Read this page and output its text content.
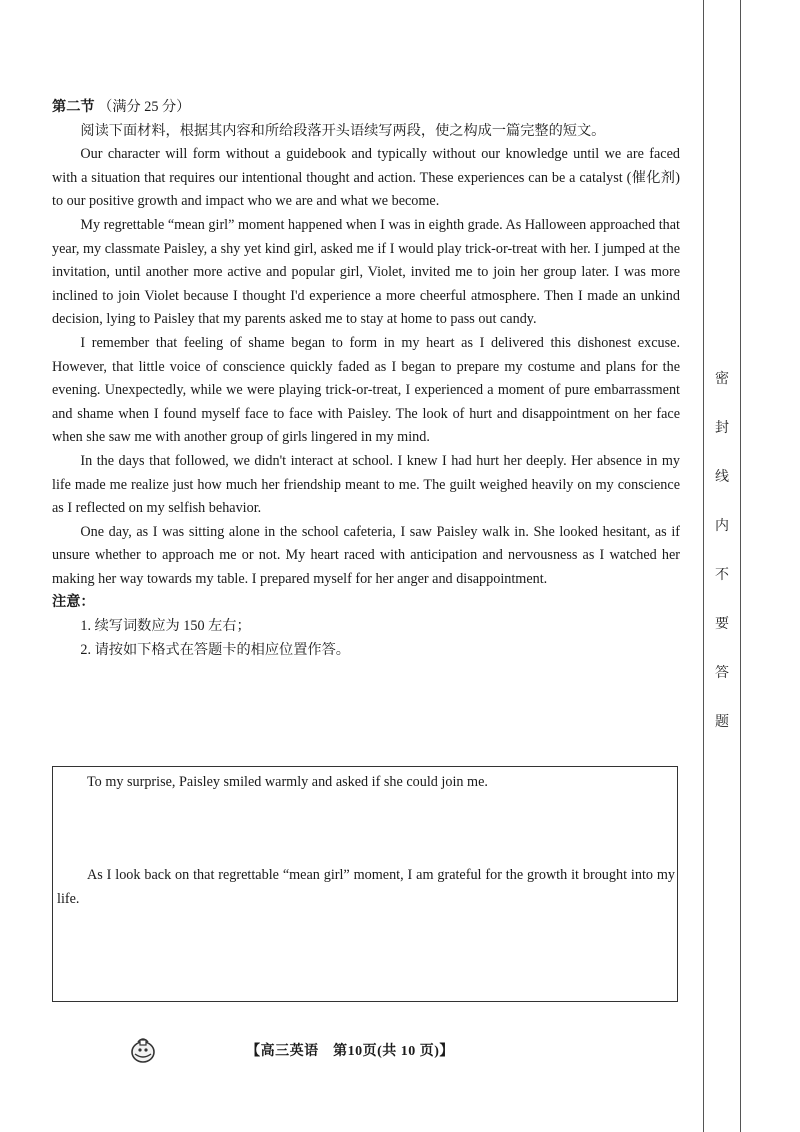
第二节 （满分 25 分）

阅读下面材料，根据其内容和所给段落开头语续写两段，使之构成一篇完整的短文。

Our character will form without a guidebook and typically without our knowledge until we are faced with a situation that requires our intentional thought and action. These experiences can be a catalyst (催化剂) to our positive growth and impact who we are and what we become.

My regrettable “mean girl” moment happened when I was in eighth grade. As Halloween approached that year, my classmate Paisley, a shy yet kind girl, asked me if I would play trick-or-treat with her. I jumped at the invitation, until another more active and popular girl, Violet, invited me to join her group later. I was more inclined to join Violet because I thought I'd experience a more cheerful atmosphere. Then I made an unkind decision, lying to Paisley that my parents asked me to stay at home to pass out candy.

I remember that feeling of shame began to form in my heart as I delivered this dishonest excuse. However, that little voice of conscience quickly faded as I began to prepare my costume and plans for the evening. Unexpectedly, while we were playing trick-or-treat, I experienced a moment of pure embarrassment and shame when I found myself face to face with Paisley. The look of hurt and disappointment on her face when she saw me with another group of girls lingered in my mind.

In the days that followed, we didn't interact at school. I knew I had hurt her deeply. Her absence in my life made me realize just how much her friendship meant to me. The guilt weighed heavily on my conscience as I reflected on my selfish behavior.

One day, as I was sitting alone in the school cafeteria, I saw Paisley walk in. She looked hesitant, as if unsure whether to approach me or not. My heart raced with anticipation and nervousness as I watched her making her way towards my table. I prepared myself for her anger and disappointment.

注意：

1. 续写词数应为 150 左右；

2. 请按如下格式在答题卡的相应位置作答。

To my surprise, Paisley smiled warmly and asked if she could join me.
As I look back on that regrettable “mean girl” moment, I am grateful for the growth it brought into my life.
密
封
线
内
不
要
答
题
【高三英语　第10页(共 10 页)】
